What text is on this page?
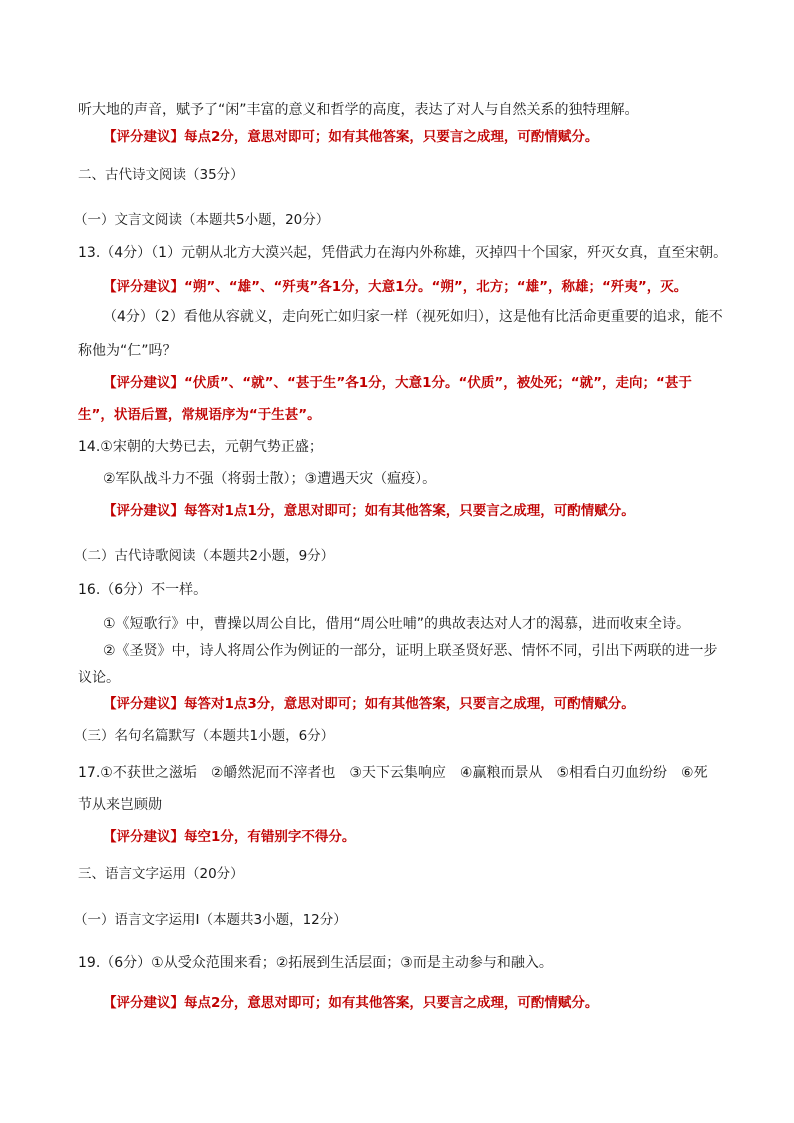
听大地的声音，赋予了“闲”丰富的意义和哲学的高度，表达了对人与自然关系的独特理解。
【评分建议】每点2分，意思对即可；如有其他答案，只要言之成理，可酌情赋分。
二、古代诗文阅读（35分）
（一）文言文阅读（本题共5小题，20分）
13.（4分）（1）元朝从北方大漠兴起，凭借武力在海内外称雄，灭掉四十个国家，歼灭女真，直至宋朝。
【评分建议】“朔”、“雄”、“歼夷”各1分，大意1分。“朔”，北方；“雄”，称雄；“歼夷”，灭。
（4分）（2）看他从容就义，走向死亡如归家一样（视死如归），这是他有比活命更重要的追求，能不
称他为“仁”吗？
【评分建议】“伏质”、“就”、“甚于生”各1分，大意1分。“伏质”，被处死；“就”，走向；“甚于
生”，状语后置，常规语序为“于生甚”。
14.①宋朝的大势已去，元朝气势正盛；
②军队战斗力不强（将弱士散）；③遭遇天灾（瘟疫）。
【评分建议】每答对1点1分，意思对即可；如有其他答案，只要言之成理，可酌情赋分。
（二）古代诗歌阅读（本题共2小题，9分）
16.（6分）不一样。
①《短歌行》中，曹操以周公自比，借用“周公吐哺”的典故表达对人才的渴慕，进而收束全诗。
②《圣贤》中，诗人将周公作为例证的一部分，证明上联圣贤好恶、情怀不同，引出下两联的进一步
议论。
【评分建议】每答对1点3分，意思对即可；如有其他答案，只要言之成理，可酌情赋分。
（三）名句名篇默写（本题共1小题，6分）
17.①不获世之滋垢　②皭然泥而不滓者也　③天下云集响应　④赢粮而景从　⑤相看白刃血纷纷　⑥死
节从来岂顾勋
【评分建议】每空1分，有错别字不得分。
三、语言文字运用（20分）
（一）语言文字运用Ⅰ（本题共3小题，12分）
19.（6分）①从受众范围来看；②拓展到生活层面；③而是主动参与和融入。
【评分建议】每点2分，意思对即可；如有其他答案，只要言之成理，可酌情赋分。
